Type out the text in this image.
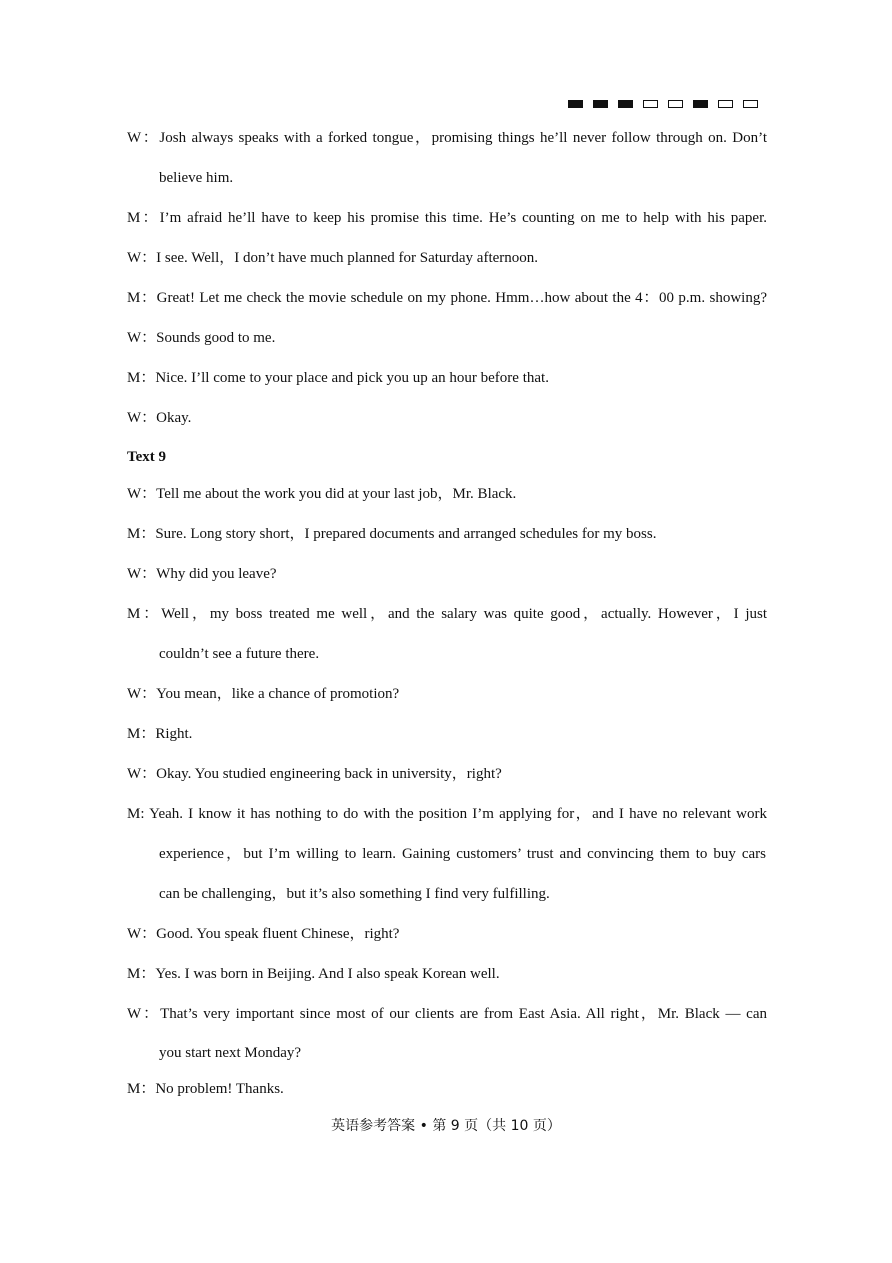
W：Josh always speaks with a forked tongue，promising things he’ll never follow through on. Don’t
believe him.
M：I’m afraid he’ll have to keep his promise this time. He’s counting on me to help with his paper.
W：I see. Well，I don’t have much planned for Saturday afternoon.
M：Great! Let me check the movie schedule on my phone. Hmm…how about the 4：00 p.m. showing?
W：Sounds good to me.
M：Nice. I’ll come to your place and pick you up an hour before that.
W：Okay.
Text 9
W：Tell me about the work you did at your last job，Mr. Black.
M：Sure. Long story short，I prepared documents and arranged schedules for my boss.
W：Why did you leave?
M：Well，my boss treated me well，and the salary was quite good，actually. However，I just
couldn’t see a future there.
W：You mean，like a chance of promotion?
M：Right.
W：Okay. You studied engineering back in university，right?
M: Yeah. I know it has nothing to do with the position I’m applying for，and I have no relevant work
experience，but I’m willing to learn. Gaining customers’ trust and convincing them to buy cars
can be challenging，but it’s also something I find very fulfilling.
W：Good. You speak fluent Chinese，right?
M：Yes. I was born in Beijing. And I also speak Korean well.
W：That’s very important since most of our clients are from East Asia. All right，Mr. Black — can
you start next Monday?
M：No problem! Thanks.
英语参考答案 • 第 9 页（共 10 页）
